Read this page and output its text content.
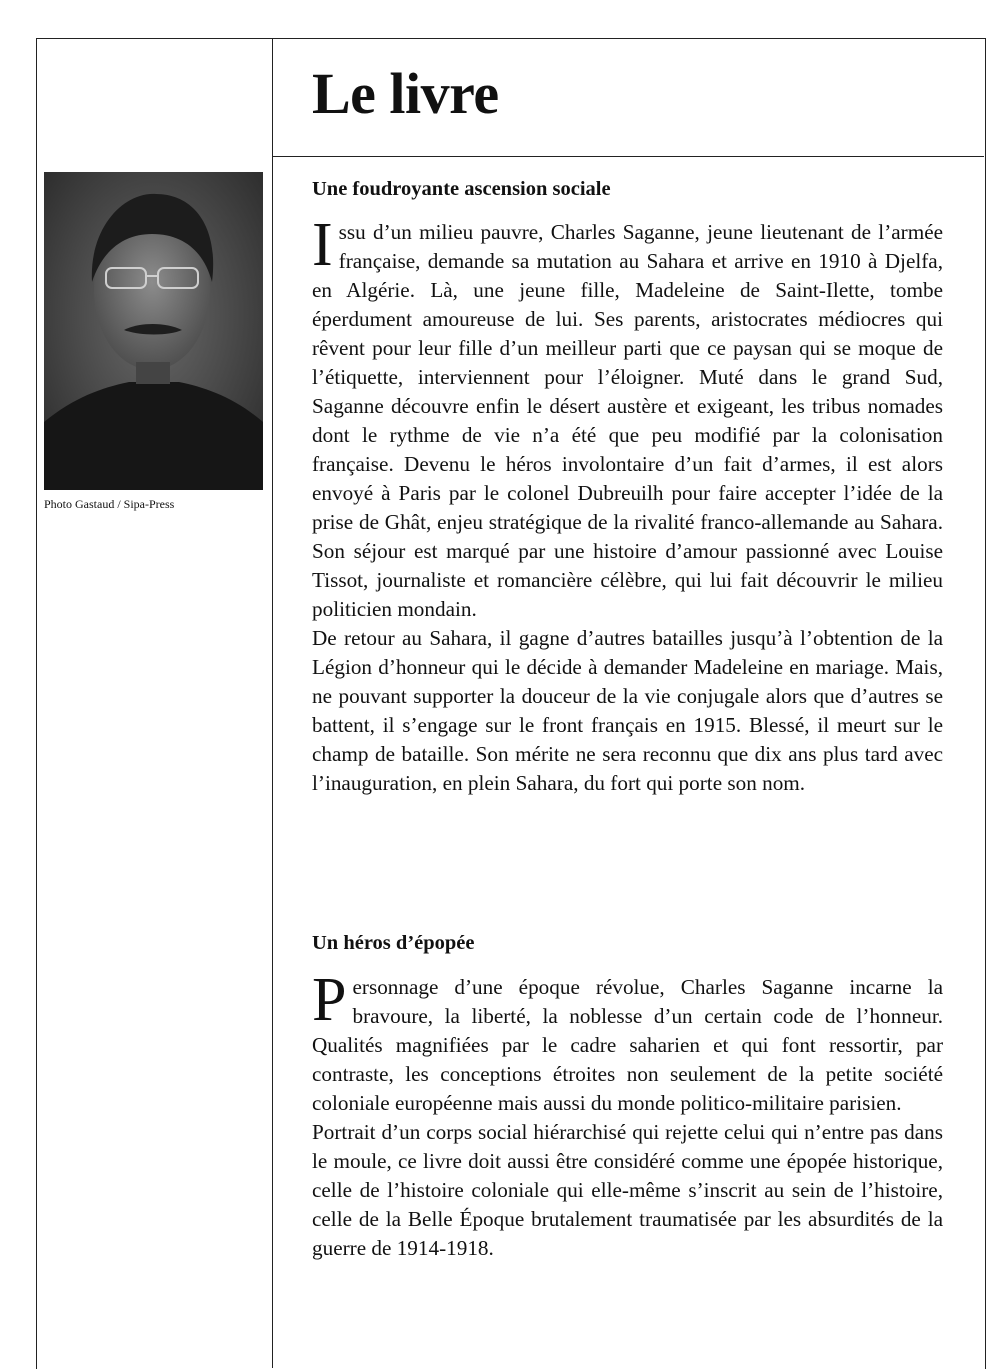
Le livre
Photo Gastaud / Sipa-Press
Une foudroyante ascension sociale

Issu d’un milieu pauvre, Charles Saganne, jeune lieutenant de l’armée française, demande sa mutation au Sahara et arrive en 1910 à Djelfa, en Algérie. Là, une jeune fille, Madeleine de Saint-Ilette, tombe éperdument amoureuse de lui. Ses parents, aristocrates médiocres qui rêvent pour leur fille d’un meilleur parti que ce paysan qui se moque de l’étiquette, interviennent pour l’éloigner. Muté dans le grand Sud, Saganne découvre enfin le désert austère et exigeant, les tribus nomades dont le rythme de vie n’a été que peu modifié par la colonisation française. Devenu le héros involontaire d’un fait d’armes, il est alors envoyé à Paris par le colonel Dubreuilh pour faire accepter l’idée de la prise de Ghât, enjeu stratégique de la rivalité franco-allemande au Sahara. Son séjour est marqué par une histoire d’amour passionné avec Louise Tissot, journaliste et romancière célèbre, qui lui fait découvrir le milieu politicien mondain.

De retour au Sahara, il gagne d’autres batailles jusqu’à l’obtention de la Légion d’honneur qui le décide à demander Madeleine en mariage. Mais, ne pouvant supporter la douceur de la vie conjugale alors que d’autres se battent, il s’engage sur le front français en 1915. Blessé, il meurt sur le champ de bataille. Son mérite ne sera reconnu que dix ans plus tard avec l’inauguration, en plein Sahara, du fort qui porte son nom.

Un héros d’épopée

Personnage d’une époque révolue, Charles Saganne incarne la bravoure, la liberté, la noblesse d’un certain code de l’honneur. Qualités magnifiées par le cadre saharien et qui font ressortir, par contraste, les conceptions étroites non seulement de la petite société coloniale européenne mais aussi du monde politico-militaire parisien.

Portrait d’un corps social hiérarchisé qui rejette celui qui n’entre pas dans le moule, ce livre doit aussi être considéré comme une épopée historique, celle de l’histoire coloniale qui elle-même s’inscrit au sein de l’histoire, celle de la Belle Époque brutalement traumatisée par les absurdités de la guerre de 1914-1918.
